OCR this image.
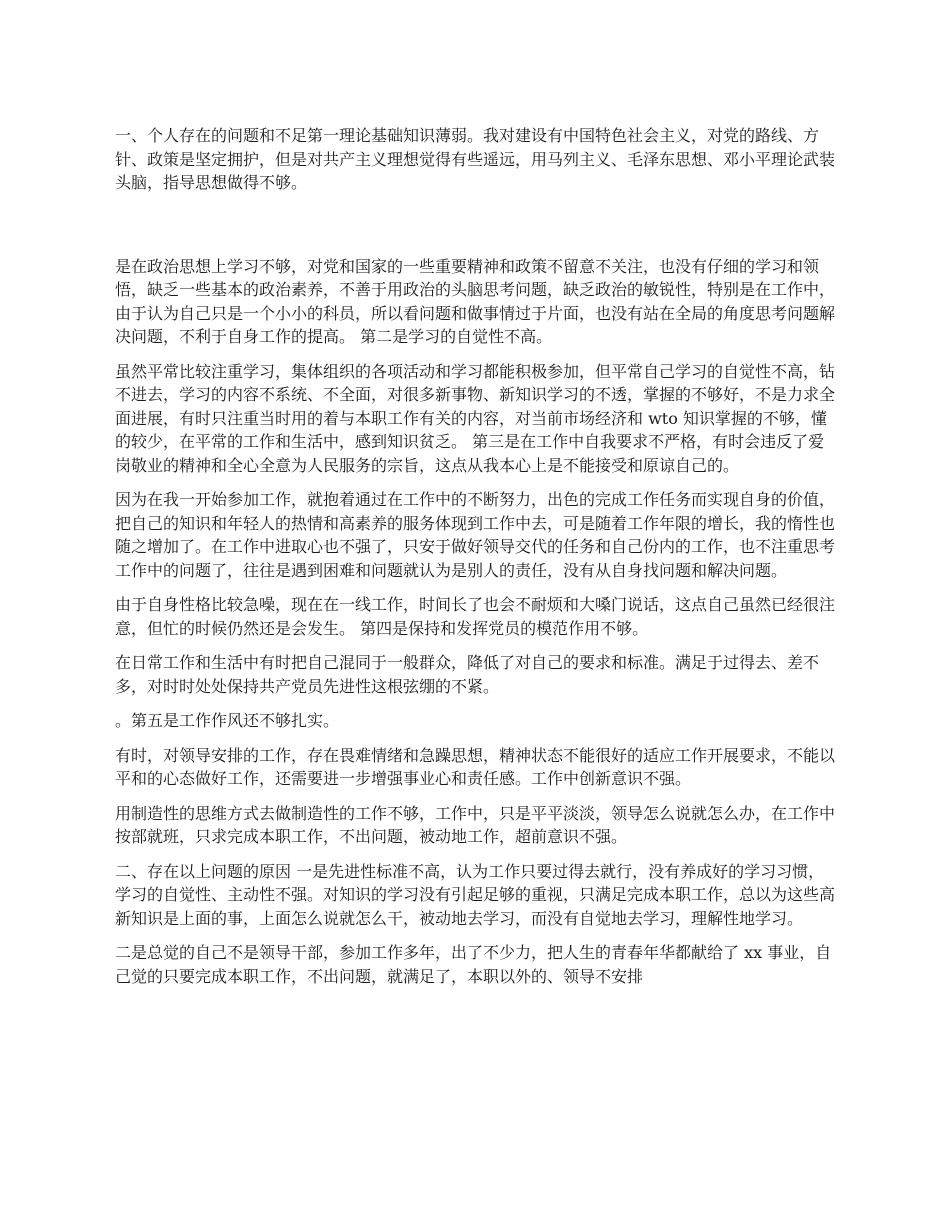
一、个人存在的问题和不足第一理论基础知识薄弱。我对建设有中国特色社会主义，对党的路线、方针、政策是坚定拥护，但是对共产主义理想觉得有些遥远，用马列主义、毛泽东思想、邓小平理论武装头脑，指导思想做得不够。

是在政治思想上学习不够，对党和国家的一些重要精神和政策不留意不关注，也没有仔细的学习和领悟，缺乏一些基本的政治素养，不善于用政治的头脑思考问题，缺乏政治的敏锐性，特别是在工作中，由于认为自己只是一个小小的科员，所以看问题和做事情过于片面，也没有站在全局的角度思考问题解决问题，不利于自身工作的提高。 第二是学习的自觉性不高。

虽然平常比较注重学习，集体组织的各项活动和学习都能积极参加，但平常自己学习的自觉性不高，钻不进去，学习的内容不系统、不全面，对很多新事物、新知识学习的不透，掌握的不够好，不是力求全面进展，有时只注重当时用的着与本职工作有关的内容，对当前市场经济和 wto 知识掌握的不够，懂的较少，在平常的工作和生活中，感到知识贫乏。 第三是在工作中自我要求不严格，有时会违反了爱岗敬业的精神和全心全意为人民服务的宗旨，这点从我本心上是不能接受和原谅自己的。

因为在我一开始参加工作，就抱着通过在工作中的不断努力，出色的完成工作任务而实现自身的价值，把自己的知识和年轻人的热情和高素养的服务体现到工作中去，可是随着工作年限的增长，我的惰性也随之增加了。在工作中进取心也不强了，只安于做好领导交代的任务和自己份内的工作，也不注重思考工作中的问题了，往往是遇到困难和问题就认为是别人的责任，没有从自身找问题和解决问题。

由于自身性格比较急噪，现在在一线工作，时间长了也会不耐烦和大嗓门说话，这点自己虽然已经很注意，但忙的时候仍然还是会发生。 第四是保持和发挥党员的模范作用不够。

在日常工作和生活中有时把自己混同于一般群众，降低了对自己的要求和标准。满足于过得去、差不多，对时时处处保持共产党员先进性这根弦绷的不紧。

。第五是工作作风还不够扎实。

有时，对领导安排的工作，存在畏难情绪和急躁思想，精神状态不能很好的适应工作开展要求，不能以平和的心态做好工作，还需要进一步增强事业心和责任感。工作中创新意识不强。

用制造性的思维方式去做制造性的工作不够，工作中，只是平平淡淡，领导怎么说就怎么办，在工作中按部就班，只求完成本职工作，不出问题，被动地工作，超前意识不强。

二、存在以上问题的原因 一是先进性标准不高，认为工作只要过得去就行，没有养成好的学习习惯，学习的自觉性、主动性不强。对知识的学习没有引起足够的重视，只满足完成本职工作，总以为这些高新知识是上面的事，上面怎么说就怎么干，被动地去学习，而没有自觉地去学习，理解性地学习。

二是总觉的自己不是领导干部，参加工作多年，出了不少力，把人生的青春年华都献给了 xx 事业，自己觉的只要完成本职工作，不出问题，就满足了，本职以外的、领导不安排
